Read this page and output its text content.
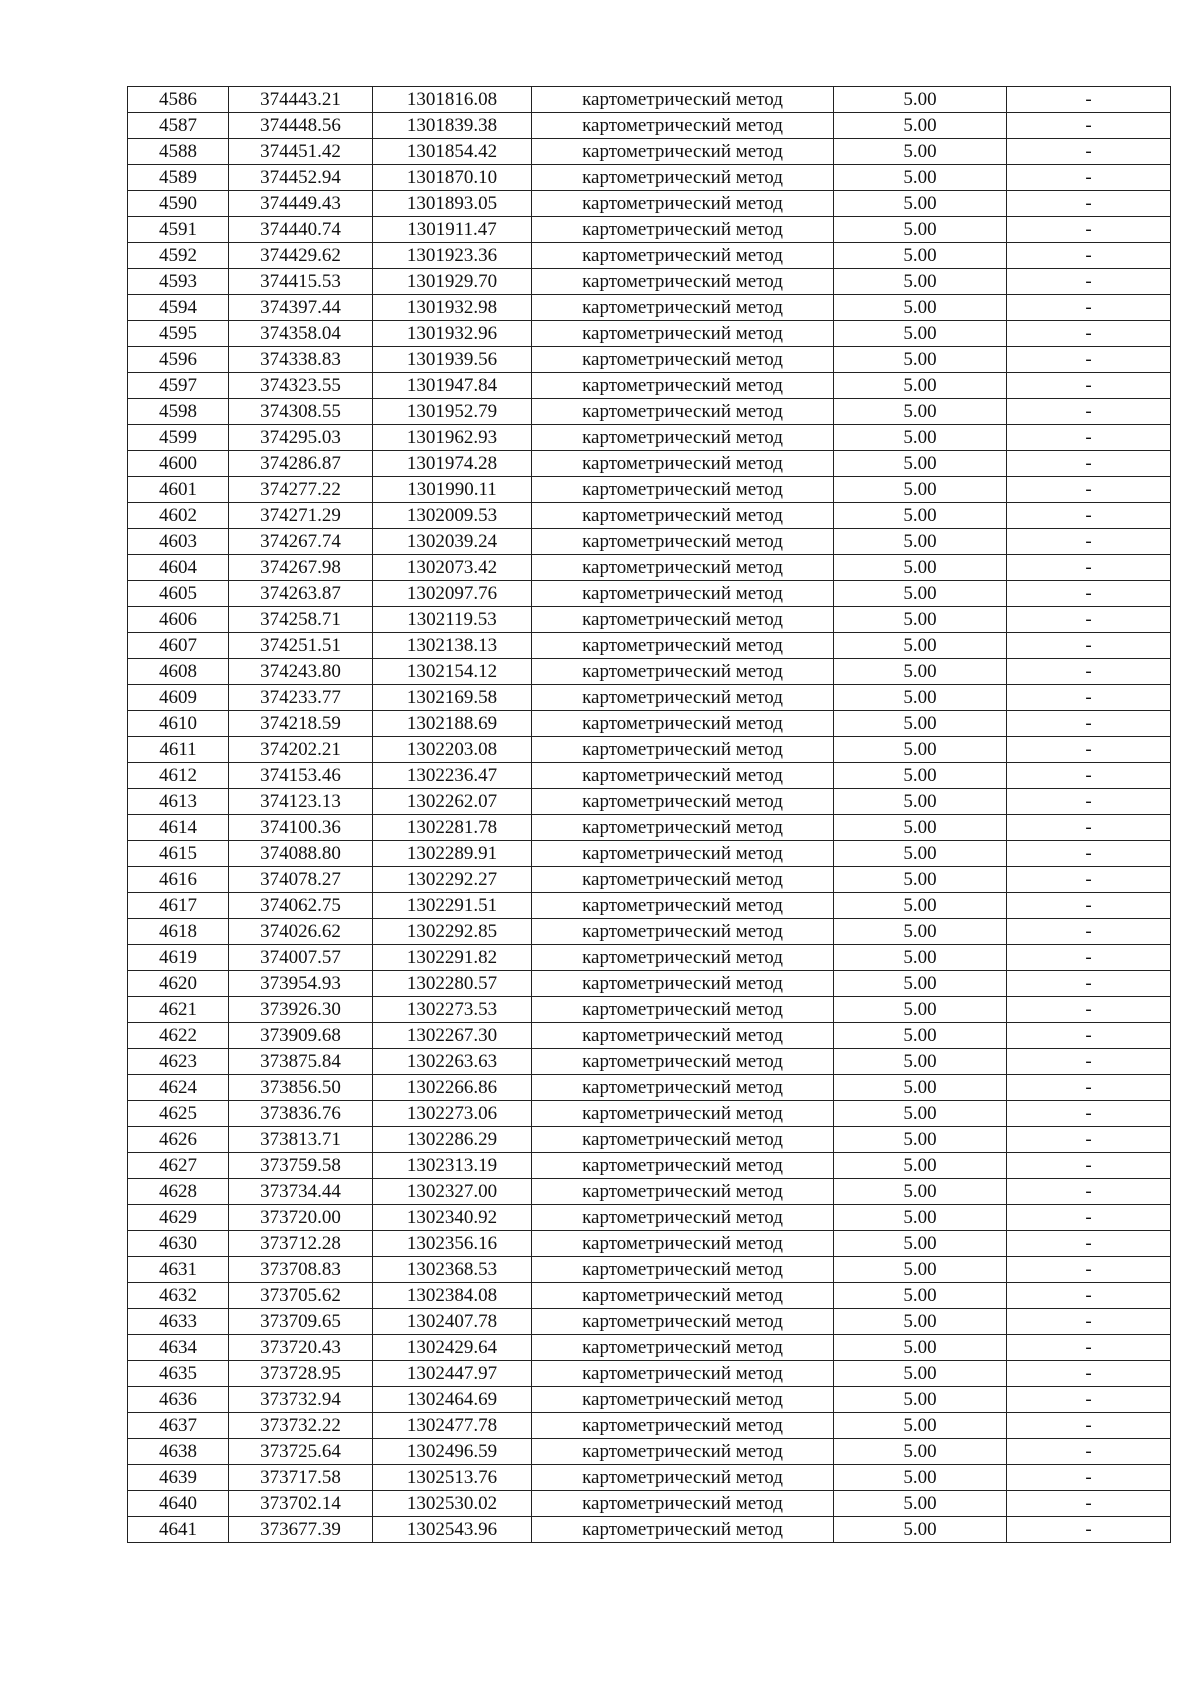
4586	374443.21	1301816.08	картометрический метод	5.00	-
4587	374448.56	1301839.38	картометрический метод	5.00	-
4588	374451.42	1301854.42	картометрический метод	5.00	-
4589	374452.94	1301870.10	картометрический метод	5.00	-
4590	374449.43	1301893.05	картометрический метод	5.00	-
4591	374440.74	1301911.47	картометрический метод	5.00	-
4592	374429.62	1301923.36	картометрический метод	5.00	-
4593	374415.53	1301929.70	картометрический метод	5.00	-
4594	374397.44	1301932.98	картометрический метод	5.00	-
4595	374358.04	1301932.96	картометрический метод	5.00	-
4596	374338.83	1301939.56	картометрический метод	5.00	-
4597	374323.55	1301947.84	картометрический метод	5.00	-
4598	374308.55	1301952.79	картометрический метод	5.00	-
4599	374295.03	1301962.93	картометрический метод	5.00	-
4600	374286.87	1301974.28	картометрический метод	5.00	-
4601	374277.22	1301990.11	картометрический метод	5.00	-
4602	374271.29	1302009.53	картометрический метод	5.00	-
4603	374267.74	1302039.24	картометрический метод	5.00	-
4604	374267.98	1302073.42	картометрический метод	5.00	-
4605	374263.87	1302097.76	картометрический метод	5.00	-
4606	374258.71	1302119.53	картометрический метод	5.00	-
4607	374251.51	1302138.13	картометрический метод	5.00	-
4608	374243.80	1302154.12	картометрический метод	5.00	-
4609	374233.77	1302169.58	картометрический метод	5.00	-
4610	374218.59	1302188.69	картометрический метод	5.00	-
4611	374202.21	1302203.08	картометрический метод	5.00	-
4612	374153.46	1302236.47	картометрический метод	5.00	-
4613	374123.13	1302262.07	картометрический метод	5.00	-
4614	374100.36	1302281.78	картометрический метод	5.00	-
4615	374088.80	1302289.91	картометрический метод	5.00	-
4616	374078.27	1302292.27	картометрический метод	5.00	-
4617	374062.75	1302291.51	картометрический метод	5.00	-
4618	374026.62	1302292.85	картометрический метод	5.00	-
4619	374007.57	1302291.82	картометрический метод	5.00	-
4620	373954.93	1302280.57	картометрический метод	5.00	-
4621	373926.30	1302273.53	картометрический метод	5.00	-
4622	373909.68	1302267.30	картометрический метод	5.00	-
4623	373875.84	1302263.63	картометрический метод	5.00	-
4624	373856.50	1302266.86	картометрический метод	5.00	-
4625	373836.76	1302273.06	картометрический метод	5.00	-
4626	373813.71	1302286.29	картометрический метод	5.00	-
4627	373759.58	1302313.19	картометрический метод	5.00	-
4628	373734.44	1302327.00	картометрический метод	5.00	-
4629	373720.00	1302340.92	картометрический метод	5.00	-
4630	373712.28	1302356.16	картометрический метод	5.00	-
4631	373708.83	1302368.53	картометрический метод	5.00	-
4632	373705.62	1302384.08	картометрический метод	5.00	-
4633	373709.65	1302407.78	картометрический метод	5.00	-
4634	373720.43	1302429.64	картометрический метод	5.00	-
4635	373728.95	1302447.97	картометрический метод	5.00	-
4636	373732.94	1302464.69	картометрический метод	5.00	-
4637	373732.22	1302477.78	картометрический метод	5.00	-
4638	373725.64	1302496.59	картометрический метод	5.00	-
4639	373717.58	1302513.76	картометрический метод	5.00	-
4640	373702.14	1302530.02	картометрический метод	5.00	-
4641	373677.39	1302543.96	картометрический метод	5.00	-
